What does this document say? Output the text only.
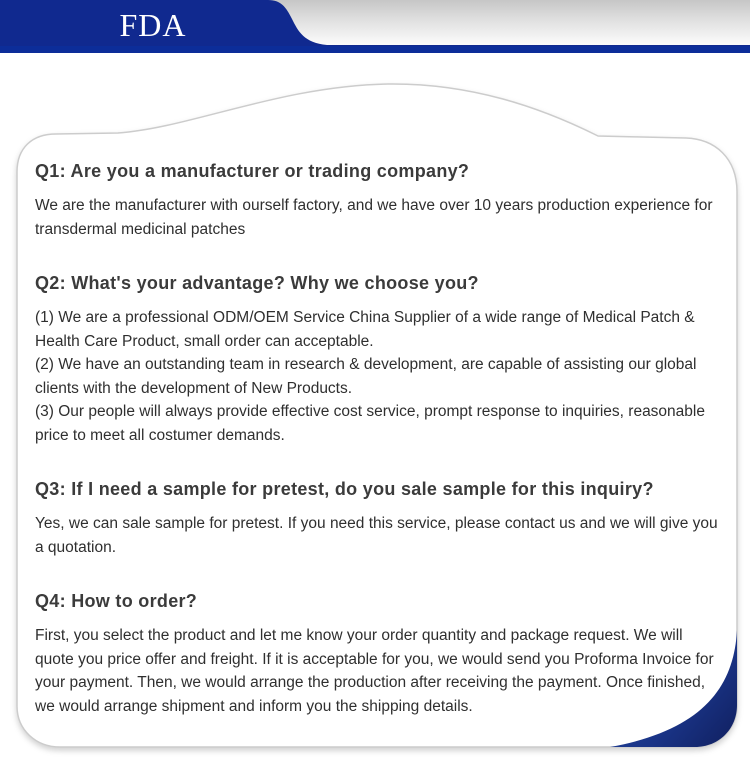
FDA
Q1: Are you a manufacturer or trading company?

We are the manufacturer with ourself factory, and we have over 10 years production experience for transdermal medicinal patches

Q2: What's your advantage? Why we choose you?

(1) We are a professional ODM/OEM Service China Supplier of a wide range of Medical Patch & Health Care Product, small order can acceptable.

(2) We have an outstanding team in research & development, are capable of assisting our global clients with the development of New Products.

(3) Our people will always provide effective cost service, prompt response to inquiries, reasonable price to meet all costumer demands.

Q3: If I need a sample for pretest, do you sale sample for this inquiry?

Yes, we can sale sample for pretest. If you need this service, please contact us and we will give you a quotation.

Q4: How to order?

First, you select the product and let me know your order quantity and package request. We will quote you price offer and freight. If it is acceptable for you, we would send you Proforma Invoice for your payment. Then, we would arrange the production after receiving the payment. Once finished, we would arrange shipment and inform you the shipping details.
